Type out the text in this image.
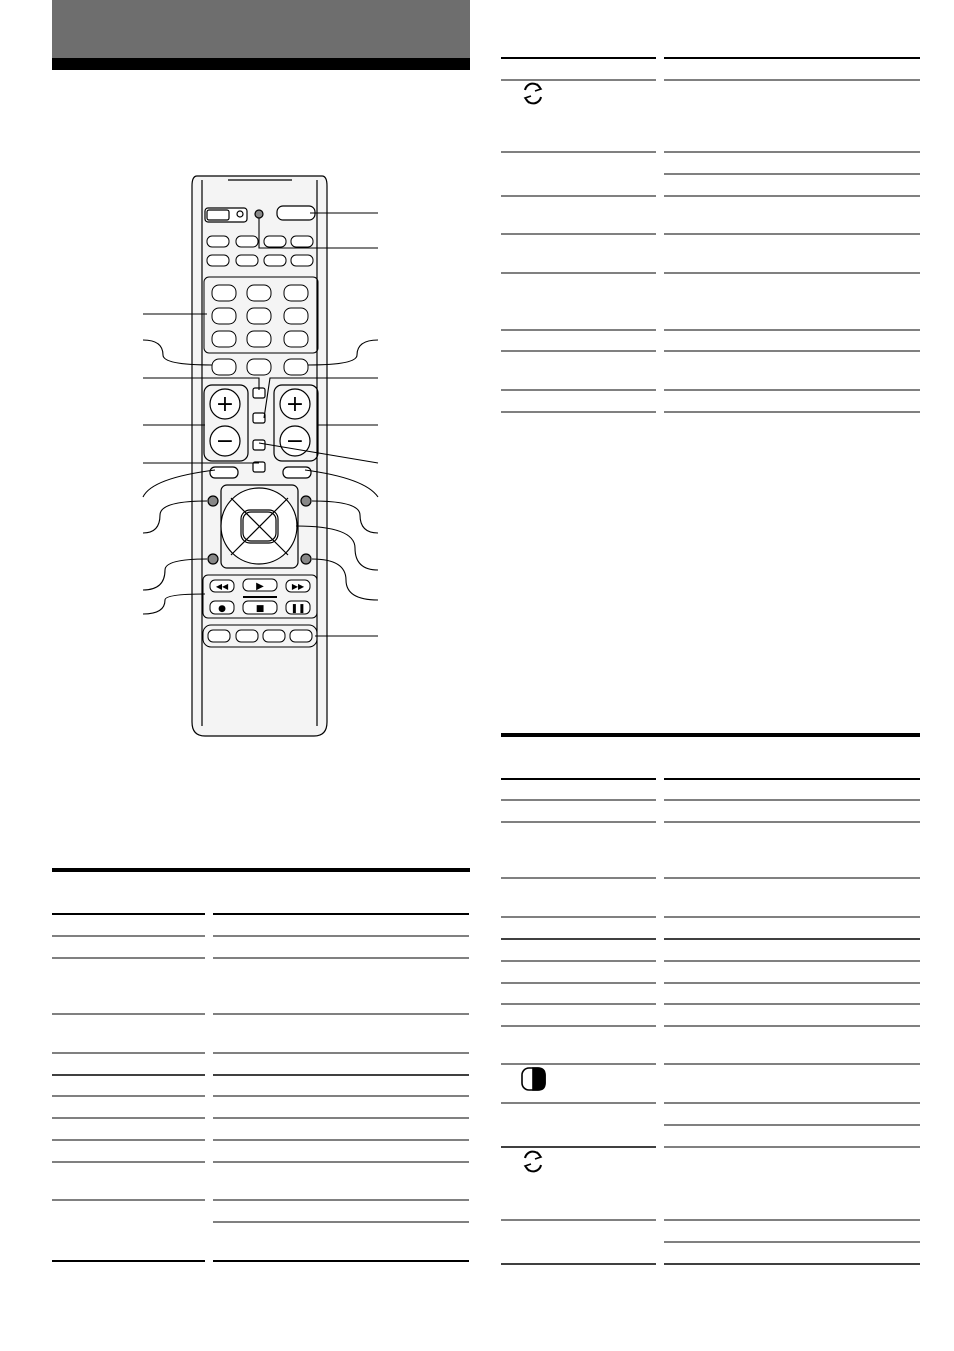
+
−
+
−
◀◀	▶	▶▶
●	■	❚❚
